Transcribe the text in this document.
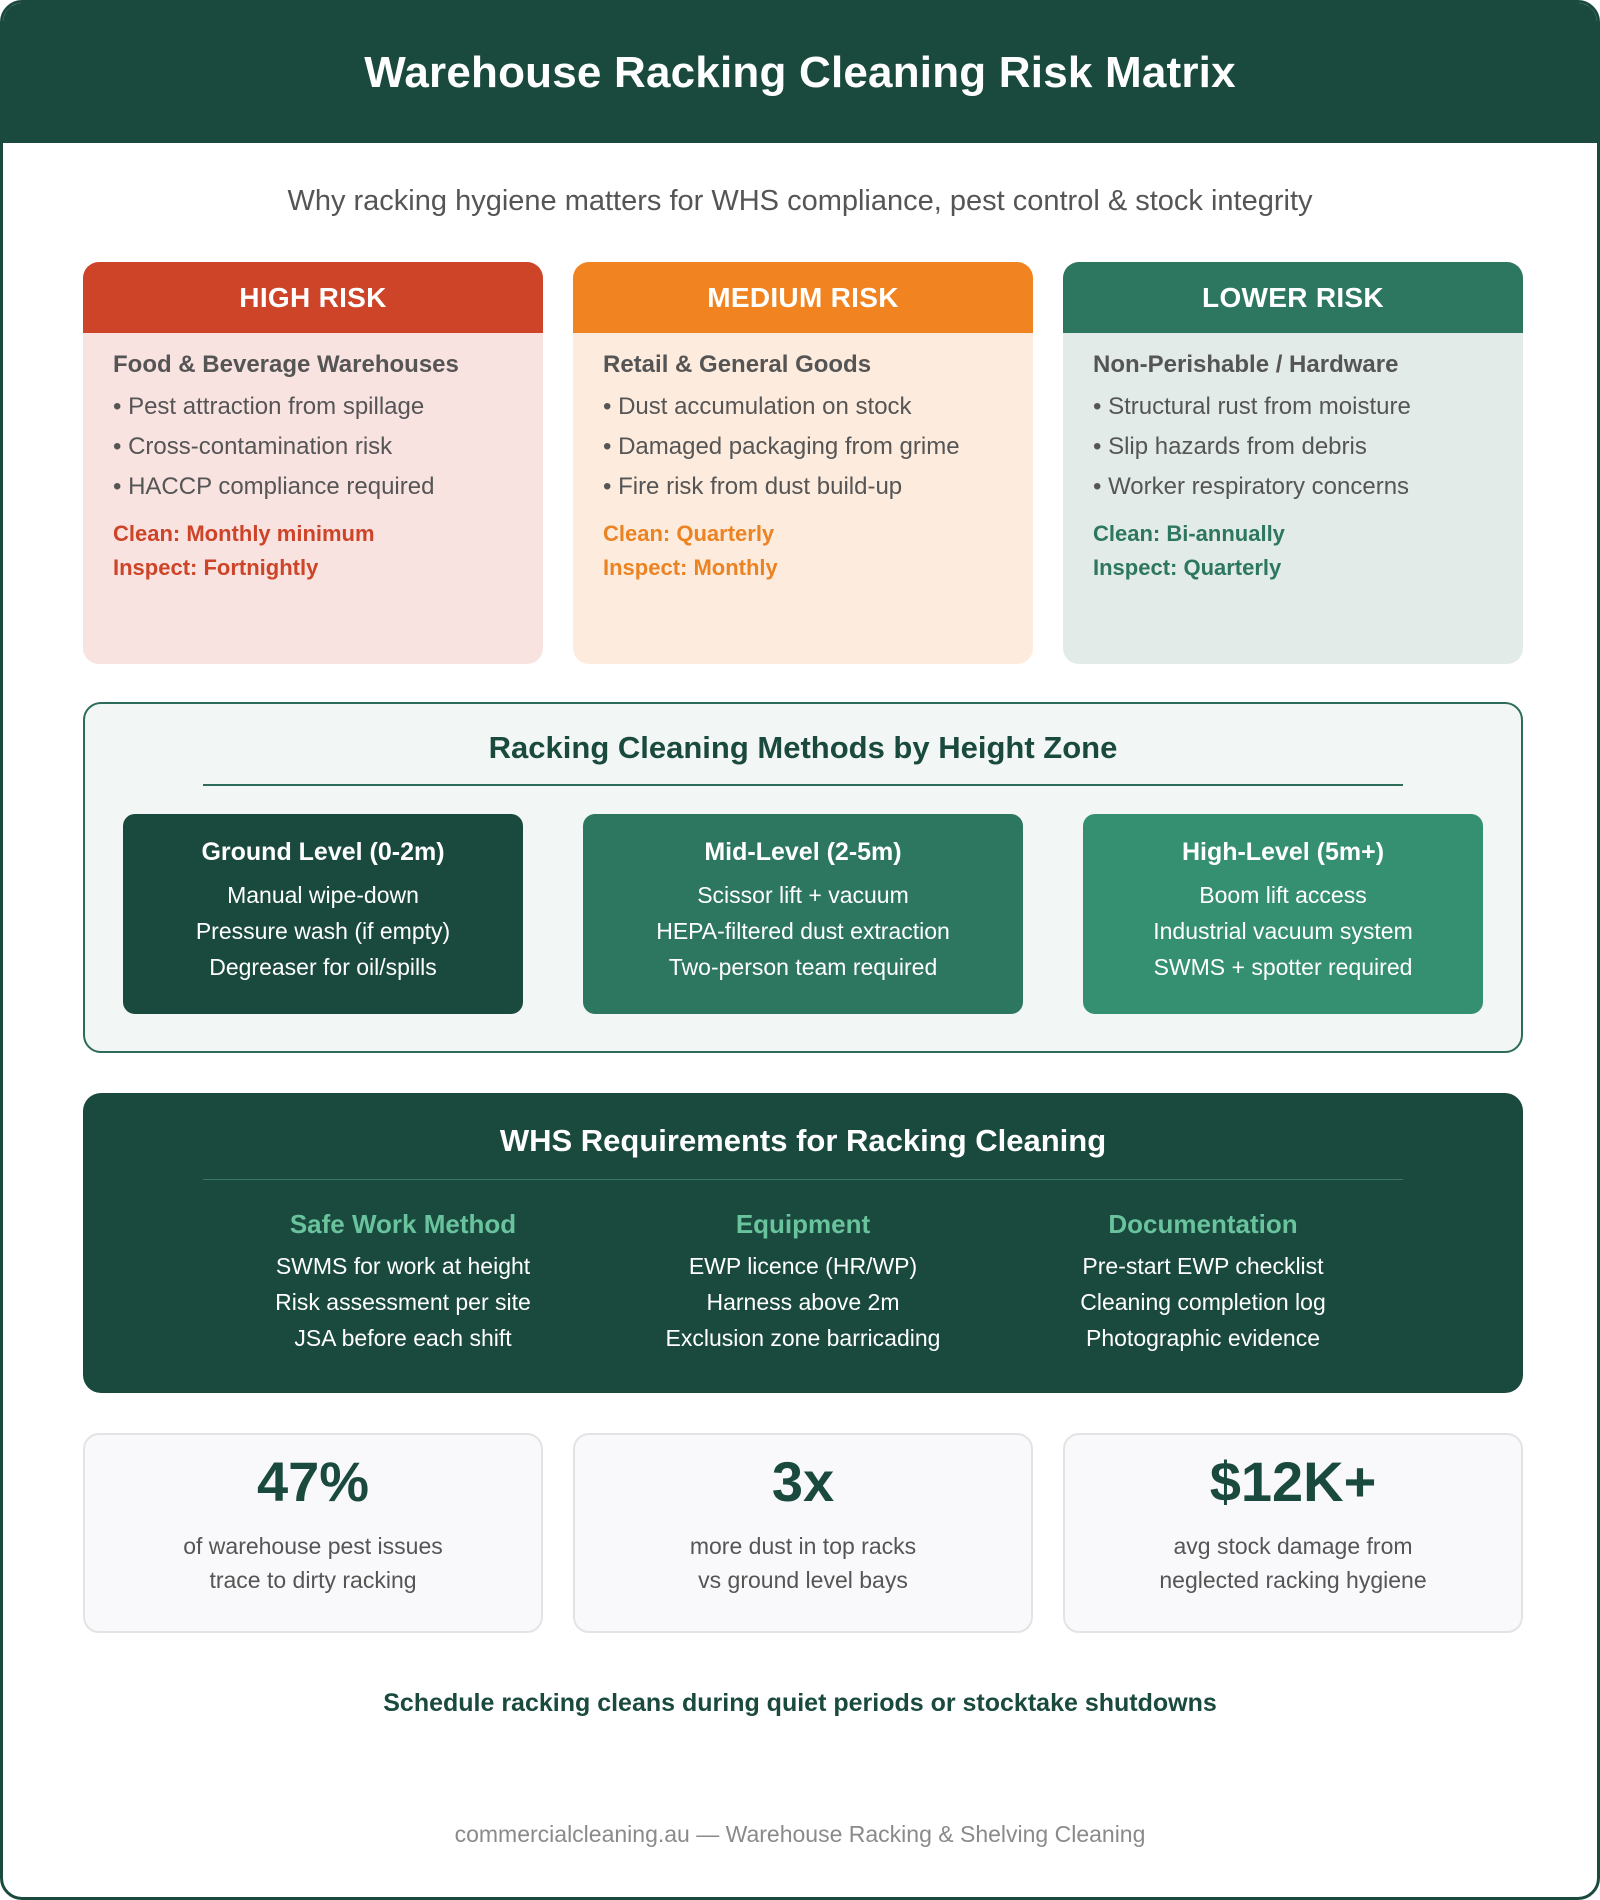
Warehouse Racking Cleaning Risk Matrix

Why racking hygiene matters for WHS compliance, pest control & stock integrity

HIGH RISK
Food & Beverage Warehouses
• Pest attraction from spillage
• Cross-contamination risk
• HACCP compliance required
Clean: Monthly minimum
Inspect: Fortnightly
MEDIUM RISK
Retail & General Goods
• Dust accumulation on stock
• Damaged packaging from grime
• Fire risk from dust build-up
Clean: Quarterly
Inspect: Monthly
LOWER RISK
Non-Perishable / Hardware
• Structural rust from moisture
• Slip hazards from debris
• Worker respiratory concerns
Clean: Bi-annually
Inspect: Quarterly
Racking Cleaning Methods by Height Zone
Ground Level (0-2m)
Manual wipe-down
Pressure wash (if empty)
Degreaser for oil/spills
Mid-Level (2-5m)
Scissor lift + vacuum
HEPA-filtered dust extraction
Two-person team required
High-Level (5m+)
Boom lift access
Industrial vacuum system
SWMS + spotter required
WHS Requirements for Racking Cleaning
Safe Work Method
SWMS for work at height
Risk assessment per site
JSA before each shift
Equipment
EWP licence (HR/WP)
Harness above 2m
Exclusion zone barricading
Documentation
Pre-start EWP checklist
Cleaning completion log
Photographic evidence
47%
of warehouse pest issues
trace to dirty racking
3x
more dust in top racks
vs ground level bays
$12K+
avg stock damage from
neglected racking hygiene
Schedule racking cleans during quiet periods or stocktake shutdowns
commercialcleaning.au — Warehouse Racking & Shelving Cleaning
